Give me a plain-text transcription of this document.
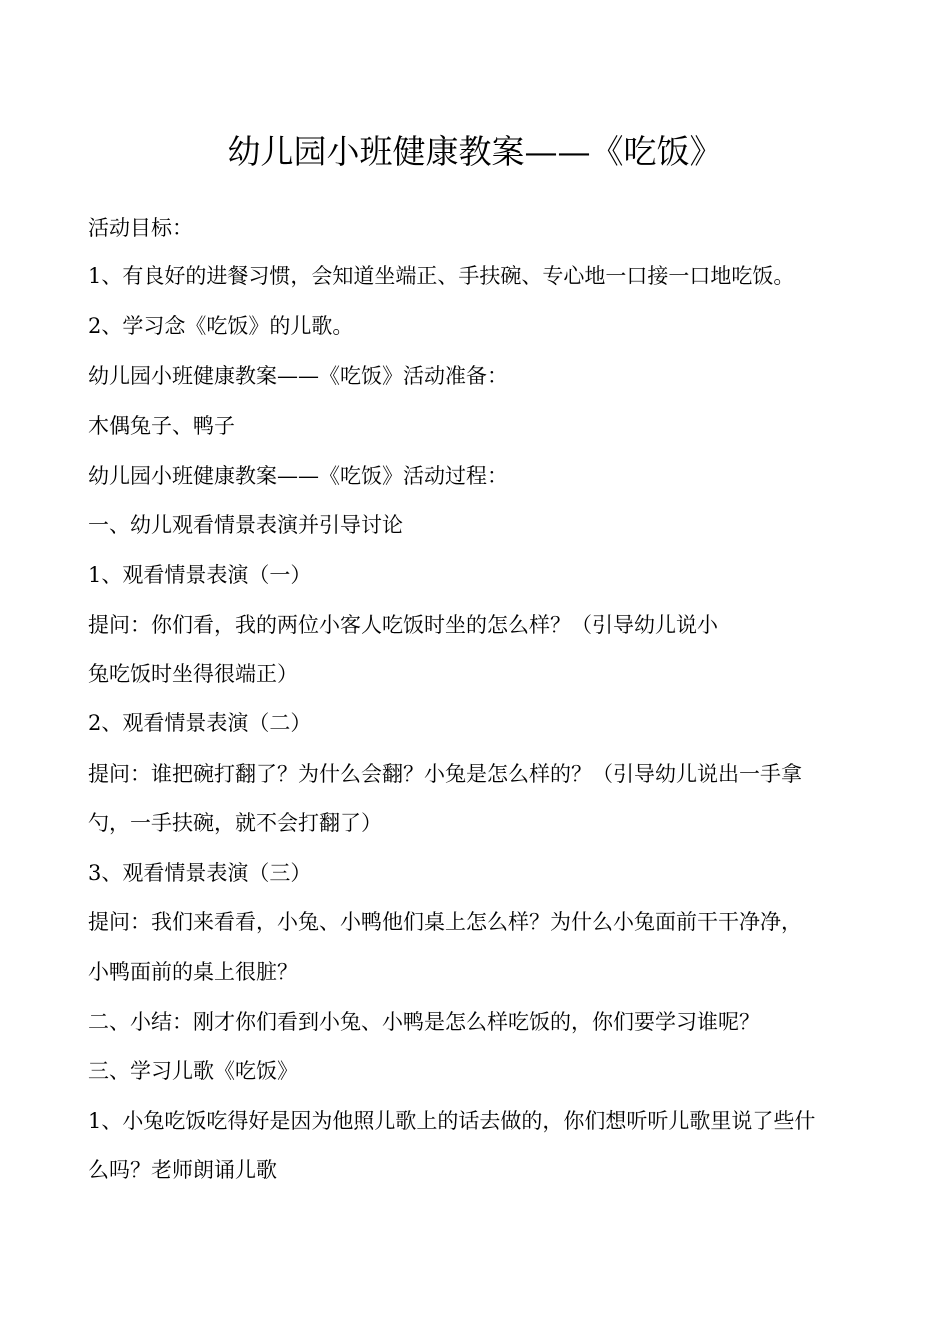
幼儿园小班健康教案——《吃饭》
活动目标：
1、有良好的进餐习惯，会知道坐端正、手扶碗、专心地一口接一口地吃饭。
2、学习念《吃饭》的儿歌。
幼儿园小班健康教案——《吃饭》活动准备：
木偶兔子、鸭子
幼儿园小班健康教案——《吃饭》活动过程：
一、幼儿观看情景表演并引导讨论
1、观看情景表演（一）
提问：你们看，我的两位小客人吃饭时坐的怎么样？（引导幼儿说小
兔吃饭时坐得很端正）
2、观看情景表演（二）
提问：谁把碗打翻了？为什么会翻？小兔是怎么样的？（引导幼儿说出一手拿
勺，一手扶碗，就不会打翻了）
3、观看情景表演（三）
提问：我们来看看，小兔、小鸭他们桌上怎么样？为什么小兔面前干干净净，
小鸭面前的桌上很脏？
二、小结：刚才你们看到小兔、小鸭是怎么样吃饭的，你们要学习谁呢？
三、学习儿歌《吃饭》
1、小兔吃饭吃得好是因为他照儿歌上的话去做的，你们想听听儿歌里说了些什
么吗？老师朗诵儿歌
